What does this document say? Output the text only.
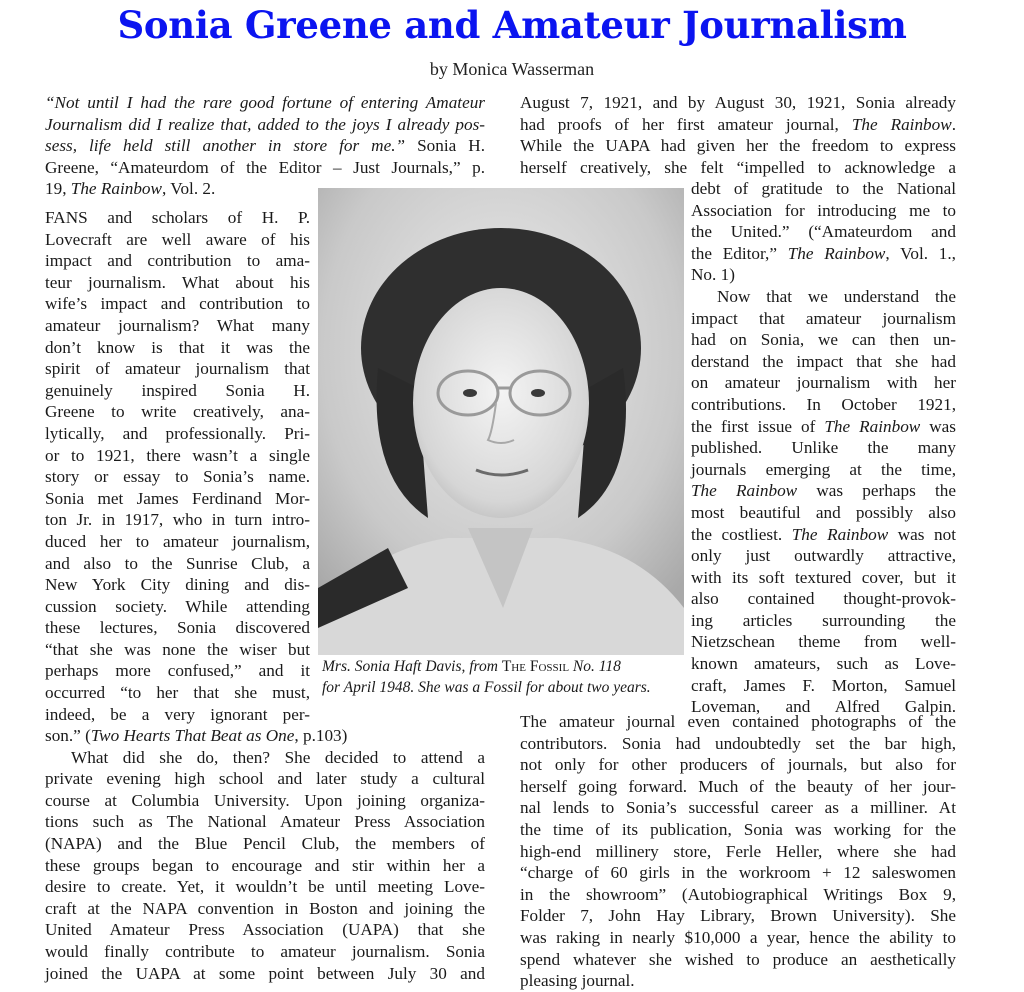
Sonia Greene and Amateur Journalism
by Monica Wasserman
“Not until I had the rare good fortune of entering Amateur
Journalism did I realize that, added to the joys I already pos-
sess, life held still another in store for me.” Sonia H.
Greene, “Amateurdom of the Editor – Just Journals,” p.
19, The Rainbow, Vol. 2.
FANS and scholars of H. P.
Lovecraft are well aware of his
impact and contribution to ama-
teur journalism. What about his
wife’s impact and contribution to
amateur journalism? What many
don’t know is that it was the
spirit of amateur journalism that
genuinely inspired Sonia H.
Greene to write creatively, ana-
lytically, and professionally. Pri-
or to 1921, there wasn’t a single
story or essay to Sonia’s name.
Sonia met James Ferdinand Mor-
ton Jr. in 1917, who in turn intro-
duced her to amateur journalism,
and also to the Sunrise Club, a
New York City dining and dis-
cussion society. While attending
these lectures, Sonia discovered
“that she was none the wiser but
perhaps more confused,” and it
occurred “to her that she must,
indeed, be a very ignorant per-
son.” (Two Hearts That Beat as One, p.103)
What did she do, then? She decided to attend a
private evening high school and later study a cultural
course at Columbia University. Upon joining organiza-
tions such as The National Amateur Press Association
(NAPA) and the Blue Pencil Club, the members of
these groups began to encourage and stir within her a
desire to create. Yet, it wouldn’t be until meeting Love-
craft at the NAPA convention in Boston and joining the
United Amateur Press Association (UAPA) that she
would finally contribute to amateur journalism. Sonia
joined the UAPA at some point between July 30 and
August 7, 1921, and by August 30, 1921, Sonia already
had proofs of her first amateur journal, The Rainbow.
While the UAPA had given her the freedom to express
herself creatively, she felt “impelled to acknowledge a
debt of gratitude to the National
Association for introducing me to
the United.” (“Amateurdom and
the Editor,” The Rainbow, Vol. 1.,
No. 1)
Now that we understand the
impact that amateur journalism
had on Sonia, we can then un-
derstand the impact that she had
on amateur journalism with her
contributions. In October 1921,
the first issue of The Rainbow was
published. Unlike the many
journals emerging at the time,
The Rainbow was perhaps the
most beautiful and possibly also
the costliest. The Rainbow was not
only just outwardly attractive,
with its soft textured cover, but it
also contained thought-provok-
ing articles surrounding the
Nietzschean theme from well-
known amateurs, such as Love-
craft, James F. Morton, Samuel
Loveman, and Alfred Galpin.
The amateur journal even contained photographs of the
contributors. Sonia had undoubtedly set the bar high,
not only for other producers of journals, but also for
herself going forward. Much of the beauty of her jour-
nal lends to Sonia’s successful career as a milliner. At
the time of its publication, Sonia was working for the
high-end millinery store, Ferle Heller, where she had
“charge of 60 girls in the workroom + 12 saleswomen
in the showroom” (Autobiographical Writings Box 9,
Folder 7, John Hay Library, Brown University). She
was raking in nearly $10,000 a year, hence the ability to
spend whatever she wished to produce an aesthetically
pleasing journal.
Mrs. Sonia Haft Davis, from The Fossil No. 118
for April 1948. She was a Fossil for about two years.
